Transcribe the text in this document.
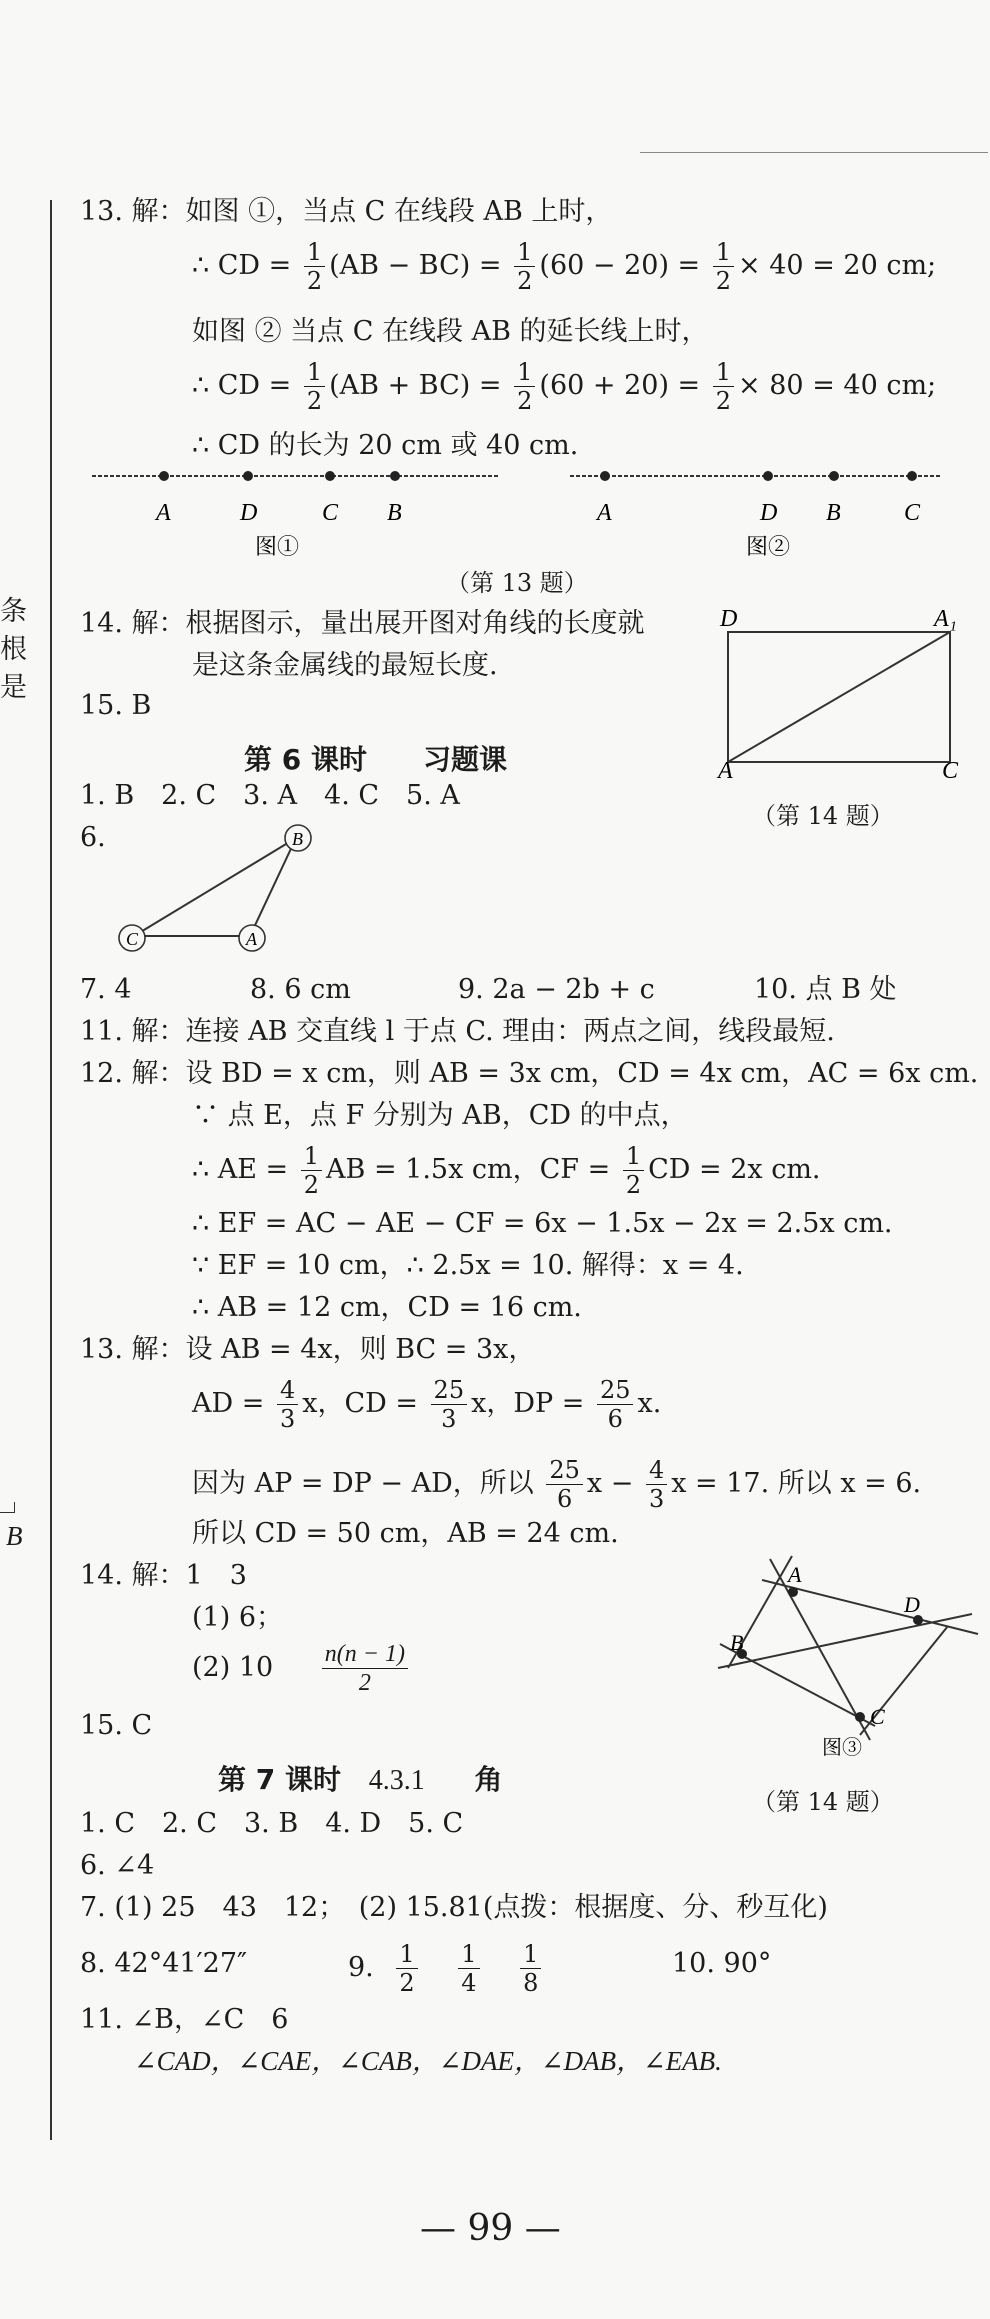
条
根
是
B
13. 解：如图 ①，当点 C 在线段 AB 上时，
∴ CD = $\frac{1}{2} (AB - BC) = \frac{1}{2} (60 - 20) = \frac{1}{2} \times 40 = 20$ cm;
如图 ② 当点 C 在线段 AB 的延长线上时，
∴ CD = $\frac{1}{2} (AB + BC) = \frac{1}{2} (60 + 20) = \frac{1}{2} \times 80 = 40$ cm;
∴ CD 的长为 20 cm 或 40 cm.
A	D	C B
图①
A	D B	C
图②
（第 13 题）
14. 解：根据图示，量出展开图对角线的长度就
是这条金属线的最短长度.
D	A₁
A	C
（第 14 题）
15. B
第 6 课时　　习题课
1. B　2. C　3. A　4. C　5. A
6.	B
C	A
7. 4	8. 6 cm	9. 2a − 2b + c	10. 点 B 处
11. 解：连接 AB 交直线 l 于点 C. 理由：两点之间，线段最短.
12. 解：设 BD = x cm，则 AB = 3x cm，CD = 4x cm，AC = 6x cm.
∵ 点 E，点 F 分别为 AB，CD 的中点，
∴ AE = $\frac{1}{2}$ AB = 1.5x cm，CF = $\frac{1}{2}$ CD = 2x cm.
∴ EF = AC − AE − CF = 6x − 1.5x − 2x = 2.5x cm.
∵ EF = 10 cm，∴ 2.5x = 10. 解得：x = 4.
∴ AB = 12 cm，CD = 16 cm.
13. 解：设 AB = 4x，则 BC = 3x，
AD = $\frac{4}{3}$ x，CD = $\frac{25}{3}$ x，DP = $\frac{25}{6} x$.
因为 AP = DP − AD，所以 $\frac{25}{6}$ $x - \frac{4}{3}$ x = 17. 所以 x = 6.
所以 CD = 50 cm，AB = 24 cm.
14. 解：1　3
(1) 6；
(2) $10 \frac{n(n - 1)}{2}$
15. C
A
D
B
C
图③
（第 14 题）
第 7 课时 4.3.1 角
1. C　2. C　3. B　4. D　5. C
6. ∠4
7. (1) 25　43　12；　(2) 15.81(点拨：根据度、分、秒互化)
8. 42°41′27″	9. $\frac{1}{2}$
$\frac{1}{4}$
$\frac{1}{8}$	10. 90°
11. ∠B，∠C　6
∠CAD，∠CAE，∠CAB，∠DAE，∠DAB，∠EAB.
— 99 —
